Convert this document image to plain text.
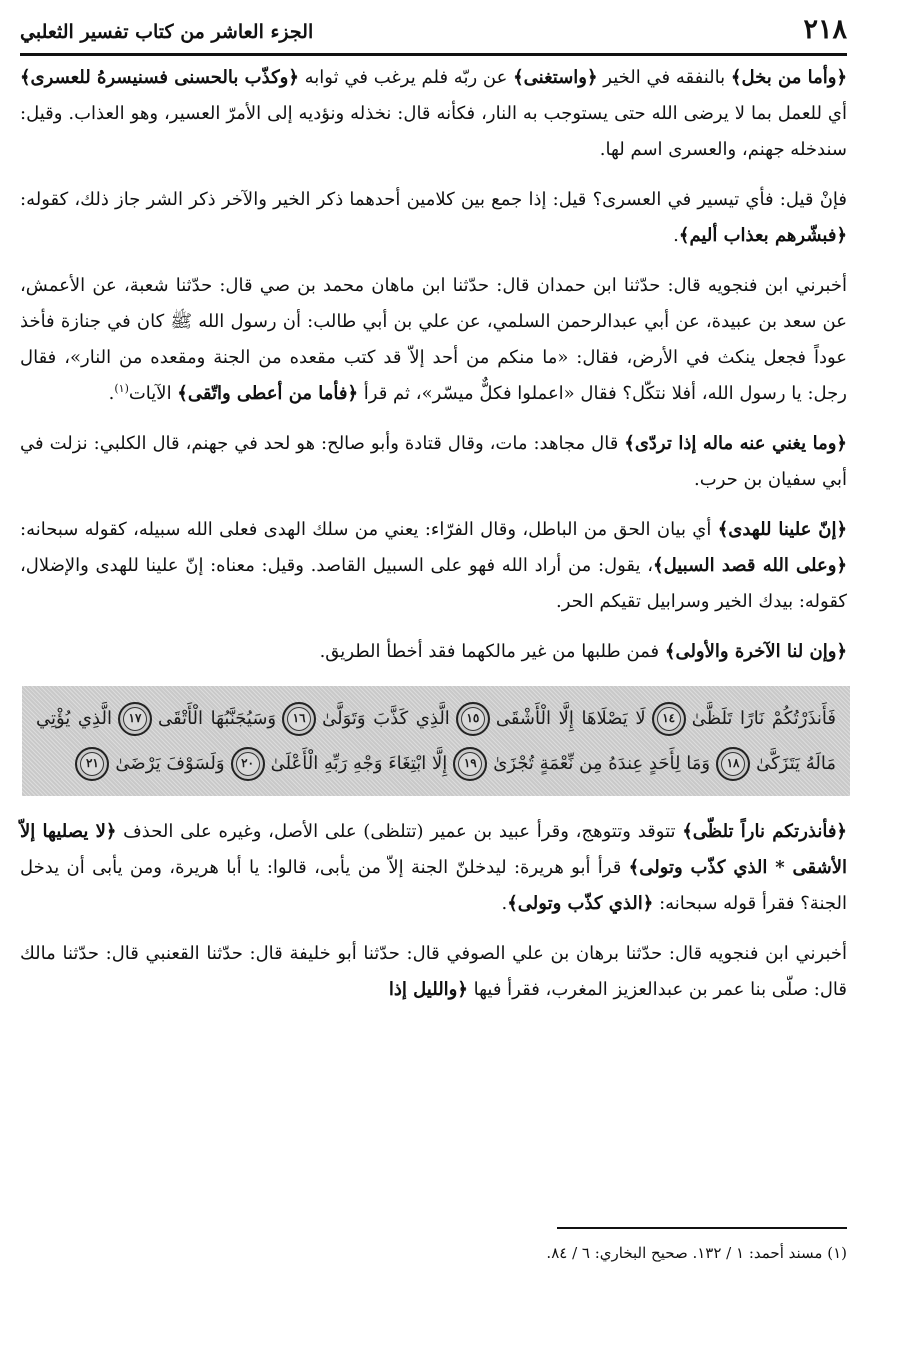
٢١٨
الجزء العاشر من كتاب تفسير الثعلبي

﴿وأما من بخل﴾ بالنفقه في الخير ﴿واستغنى﴾ عن ربّه فلم يرغب في ثوابه ﴿وكذّب بالحسنى فسنيسرهُ للعسرى﴾ أي للعمل بما لا يرضى الله حتى يستوجب به النار، فكأنه قال: نخذله ونؤديه إلى الأمرّ العسير، وهو العذاب. وقيل: سندخله جهنم، والعسرى اسم لها.

فإنْ قيل: فأي تيسير في العسرى؟ قيل: إذا جمع بين كلامين أحدهما ذكر الخير والآخر ذكر الشر جاز ذلك، كقوله: ﴿فبشّرهم بعذاب أليم﴾.

أخبرني ابن فنجويه قال: حدّثنا ابن حمدان قال: حدّثنا ابن ماهان محمد بن صي قال: حدّثنا شعبة، عن الأعمش، عن سعد بن عبيدة، عن أبي عبدالرحمن السلمي، عن علي بن أبي طالب: أن رسول الله ﷺ كان في جنازة فأخذ عوداً فجعل ينكث في الأرض، فقال: «ما منكم من أحد إلاّ قد كتب مقعده من الجنة ومقعده من النار»، فقال رجل: يا رسول الله، أفلا نتكّل؟ فقال «اعملوا فكلٌّ ميسّر»، ثم قرأ ﴿فأما من أعطى واتّقى﴾ الآيات$^{(١)}$.

﴿وما يغني عنه ماله إذا تردّى﴾ قال مجاهد: مات، وقال قتادة وأبو صالح: هو لحد في جهنم، قال الكلبي: نزلت في أبي سفيان بن حرب.

﴿إنّ علينا للهدى﴾ أي بيان الحق من الباطل، وقال الفرّاء: يعني من سلك الهدى فعلى الله سبيله، كقوله سبحانه: ﴿وعلى الله قصد السبيل﴾، يقول: من أراد الله فهو على السبيل القاصد. وقيل: معناه: إنّ علينا للهدى والإضلال، كقوله: بيدك الخير وسرابيل تقيكم الحر.

﴿وإن لنا الآخرة والأولى﴾ فمن طلبها من غير مالكهما فقد أخطأ الطريق.

فَأَنذَرْتُكُمْ نَارًا تَلَظَّىٰ١٤لَا يَصْلَاهَا إِلَّا الْأَشْقَى١٥الَّذِي كَذَّبَ وَتَوَلَّىٰ١٦وَسَيُجَنَّبُهَا الْأَتْقَى١٧الَّذِي يُؤْتِي مَالَهُ يَتَزَكَّىٰ١٨وَمَا لِأَحَدٍ عِندَهُ مِن نِّعْمَةٍ تُجْزَىٰ١٩إِلَّا ابْتِغَاءَ وَجْهِ رَبِّهِ الْأَعْلَىٰ٢٠وَلَسَوْفَ يَرْضَىٰ٢١

﴿فأنذرتكم ناراً تلظّى﴾ تتوقد وتتوهج، وقرأ عبيد بن عمير (تتلظى) على الأصل، وغيره على الحذف ﴿لا يصليها إلاّ الأشقى * الذي كذّب وتولى﴾ قرأ أبو هريرة: ليدخلنّ الجنة إلاّ من يأبى، قالوا: يا أبا هريرة، ومن يأبى أن يدخل الجنة؟ فقرأ قوله سبحانه: ﴿الذي كذّب وتولى﴾.

أخبرني ابن فنجويه قال: حدّثنا برهان بن علي الصوفي قال: حدّثنا أبو خليفة قال: حدّثنا القعنبي قال: حدّثنا مالك قال: صلّى بنا عمر بن عبدالعزيز المغرب، فقرأ فيها ﴿والليل إذا

(١) مسند أحمد: ١ / ١٣٢. صحيح البخاري: ٦ / ٨٤.
